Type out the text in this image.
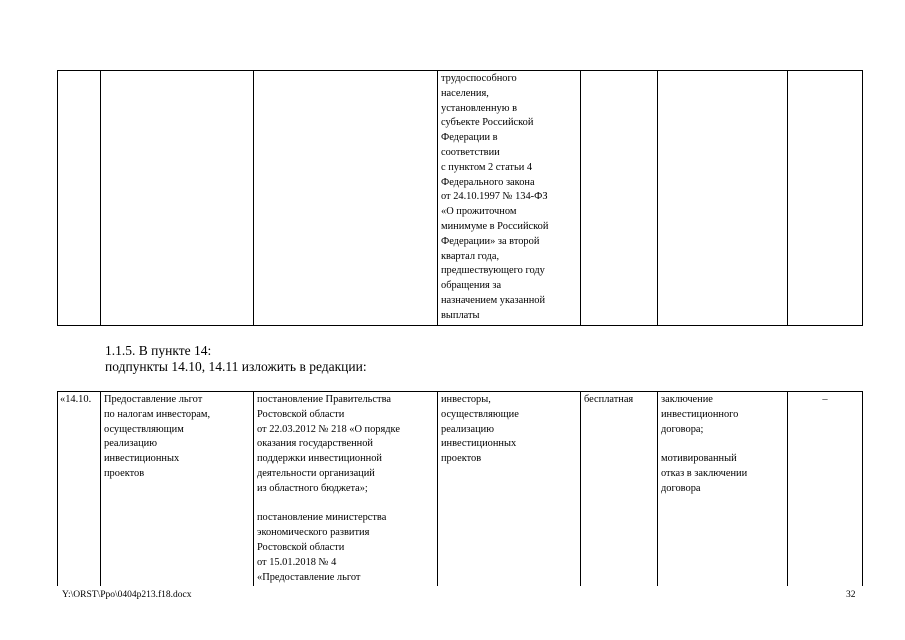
			трудоспособного
населения,
установленную в
субъекте Российской
Федерации в
соответствии
с пунктом 2 статьи 4
Федерального закона
от 24.10.1997 № 134-ФЗ
«О прожиточном
минимуме в Российской
Федерации» за второй
квартал года,
предшествующего году
обращения за
назначением указанной
выплаты			
1.1.5. В пункте 14:
подпункты 14.10, 14.11 изложить в редакции:
«14.10.	Предоставление льгот
по налогам инвесторам,
осуществляющим
реализацию
инвестиционных
проектов	постановление Правительства
Ростовской области
от 22.03.2012 № 218 «О порядке
оказания государственной
поддержки инвестиционной
деятельности организаций
из областного бюджета»;

постановление министерства
экономического развития
Ростовской области
от 15.01.2018 № 4
«Предоставление льгот	инвесторы,
осуществляющие
реализацию
инвестиционных
проектов	бесплатная	заключение
инвестиционного
договора;

мотивированный
отказ в заключении
договора	–
Y:\ORST\Ppo\0404p213.f18.docx	32
